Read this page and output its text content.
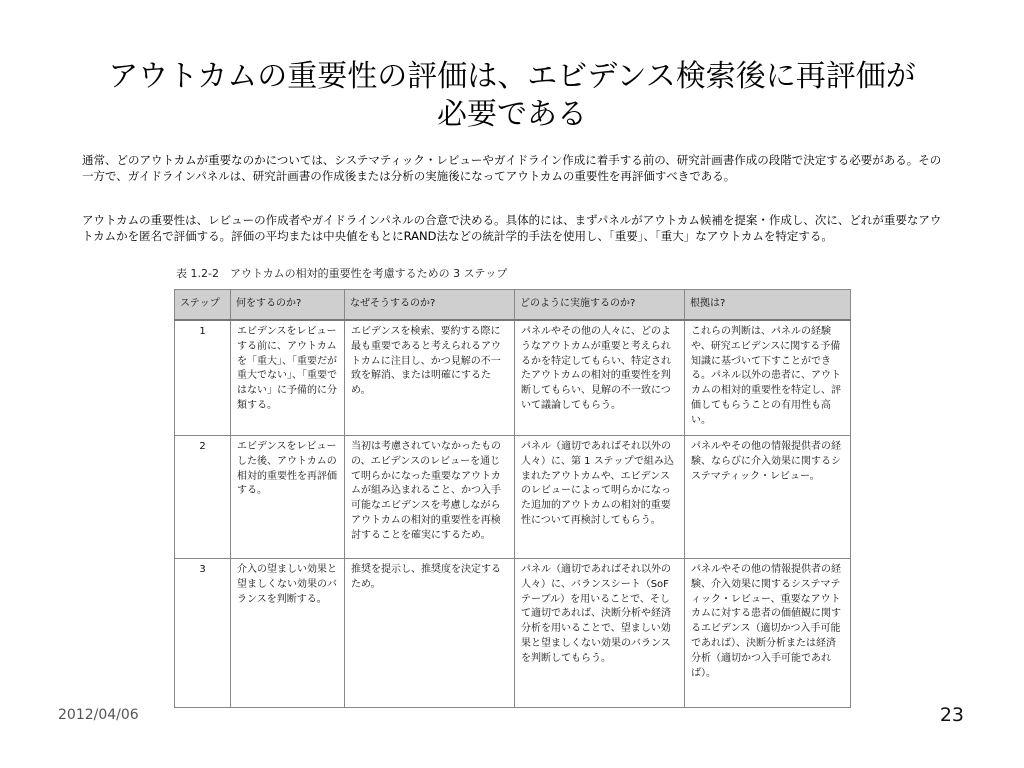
アウトカムの重要性の評価は、エビデンス検索後に再評価が
必要である
通常、どのアウトカムが重要なのかについては、システマティック・レビューやガイドライン作成に着手する前の、研究計画書作成の段階で決定する必要がある。その一方で、ガイドラインパネルは、研究計画書の作成後または分析の実施後になってアウトカムの重要性を再評価すべきである。
アウトカムの重要性は、レビューの作成者やガイドラインパネルの合意で決める。具体的には、まずパネルがアウトカム候補を提案・作成し、次に、どれが重要なアウトカムかを匿名で評価する。評価の平均または中央値をもとにRAND法などの統計学的手法を使用し、「重要」、「重大」なアウトカムを特定する。
表 1.2-2　アウトカムの相対的重要性を考慮するための 3 ステップ
ステップ	何をするのか?	なぜそうするのか?	どのように実施するのか?	根拠は?
1	エビデンスをレビューする前に、アウトカムを「重大」、「重要だが重大でない」、「重要ではない」に予備的に分類する。	エビデンスを検索、要約する際に最も重要であると考えられるアウトカムに注目し、かつ見解の不一致を解消、または明確にするため。	パネルやその他の人々に、どのようなアウトカムが重要と考えられるかを特定してもらい、特定されたアウトカムの相対的重要性を判断してもらい、見解の不一致について議論してもらう。	これらの判断は、パネルの経験や、研究エビデンスに関する予備知識に基づいて下すことができる。パネル以外の患者に、アウトカムの相対的重要性を特定し、評価してもらうことの有用性も高い。
2	エビデンスをレビューした後、アウトカムの相対的重要性を再評価する。	当初は考慮されていなかったものの、エビデンスのレビューを通じて明らかになった重要なアウトカムが組み込まれること、かつ入手可能なエビデンスを考慮しながらアウトカムの相対的重要性を再検討することを確実にするため。	パネル（適切であればそれ以外の人々）に、第 1 ステップで組み込まれたアウトカムや、エビデンスのレビューによって明らかになった追加的アウトカムの相対的重要性について再検討してもらう。	パネルやその他の情報提供者の経験、ならびに介入効果に関するシステマティック・レビュー。
3	介入の望ましい効果と望ましくない効果のバランスを判断する。	推奨を提示し、推奨度を決定するため。	パネル（適切であればそれ以外の人々）に、バランスシート（SoF テーブル）を用いることで、そして適切であれば、決断分析や経済分析を用いることで、望ましい効果と望ましくない効果のバランスを判断してもらう。	パネルやその他の情報提供者の経験、介入効果に関するシステマティック・レビュー、重要なアウトカムに対する患者の価値観に関するエビデンス（適切かつ入手可能であれば）、決断分析または経済分析（適切かつ入手可能であれば）。
2012/04/06	23
